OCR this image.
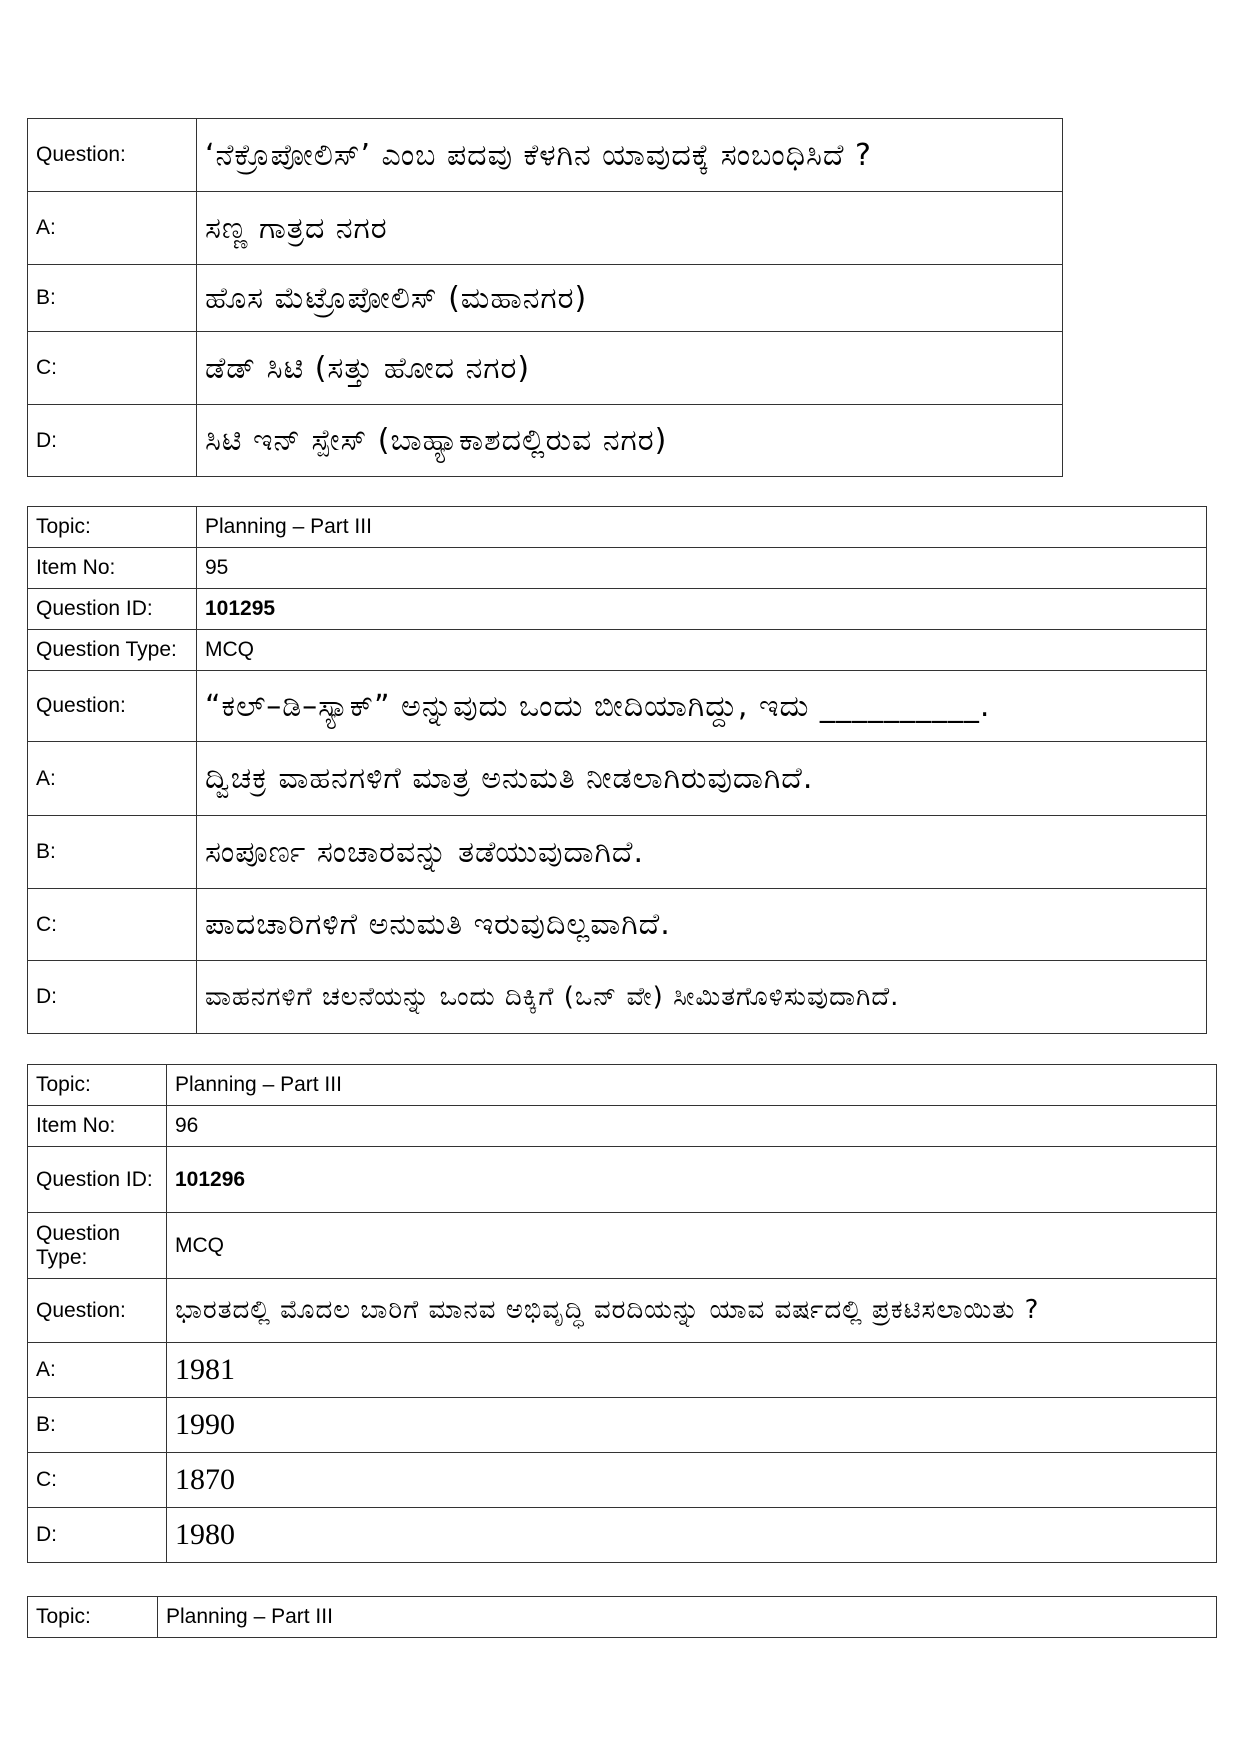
Question:	‘ನೆಕ್ರೊಪೋಲಿಸ್’ ಎಂಬ ಪದವು ಕೆಳಗಿನ ಯಾವುದಕ್ಕೆ ಸಂಬಂಧಿಸಿದೆ ?
A:	ಸಣ್ಣ ಗಾತ್ರದ ನಗರ
B:	ಹೊಸ ಮೆಟ್ರೊಪೋಲಿಸ್ (ಮಹಾನಗರ)
C:	ಡೆಡ್ ಸಿಟಿ (ಸತ್ತು ಹೋದ ನಗರ)
D:	ಸಿಟಿ ಇನ್ ಸ್ಪೇಸ್ (ಬಾಹ್ಯಾಕಾಶದಲ್ಲಿರುವ ನಗರ)
Topic:	Planning – Part III
Item No:	95
Question ID:	101295
Question Type:	MCQ
Question:	“ಕಲ್–ಡಿ–ಸ್ಯಾಕ್” ಅನ್ನುವುದು ಒಂದು ಬೀದಿಯಾಗಿದ್ದು, ಇದು __________.
A:	ದ್ವಿಚಕ್ರ ವಾಹನಗಳಿಗೆ ಮಾತ್ರ ಅನುಮತಿ ನೀಡಲಾಗಿರುವುದಾಗಿದೆ.
B:	ಸಂಪೂರ್ಣ ಸಂಚಾರವನ್ನು ತಡೆಯುವುದಾಗಿದೆ.
C:	ಪಾದಚಾರಿಗಳಿಗೆ ಅನುಮತಿ ಇರುವುದಿಲ್ಲವಾಗಿದೆ.
D:	ವಾಹನಗಳಿಗೆ ಚಲನೆಯನ್ನು ಒಂದು ದಿಕ್ಕಿಗೆ (ಒನ್ ವೇ) ಸೀಮಿತಗೊಳಿಸುವುದಾಗಿದೆ.
Topic:	Planning – Part III
Item No:	96
Question ID:	101296
Question Type:	MCQ
Question:	ಭಾರತದಲ್ಲಿ ಮೊದಲ ಬಾರಿಗೆ ಮಾನವ ಅಭಿವೃದ್ಧಿ ವರದಿಯನ್ನು ಯಾವ ವರ್ಷದಲ್ಲಿ ಪ್ರಕಟಿಸಲಾಯಿತು ?
A:	1981
B:	1990
C:	1870
D:	1980
Topic:	Planning – Part III
